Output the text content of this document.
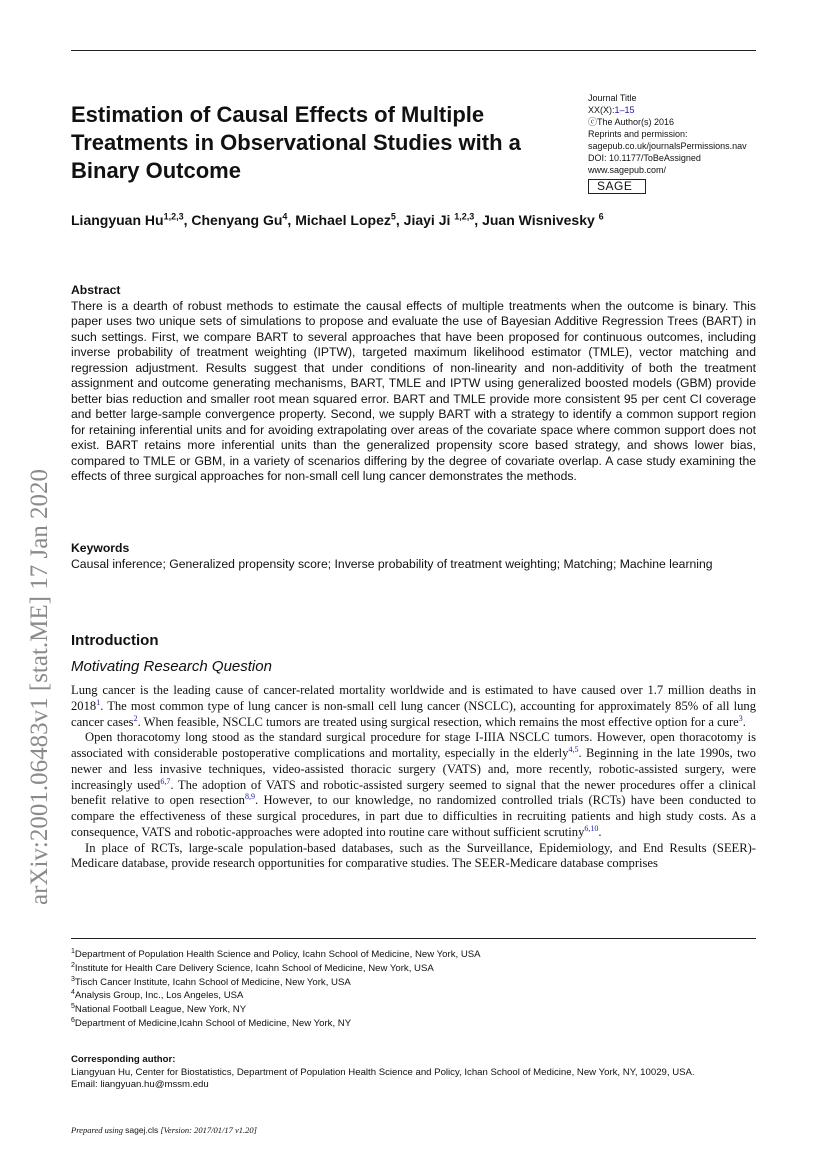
Estimation of Causal Effects of Multiple Treatments in Observational Studies with a Binary Outcome
Journal Title
XX(X):1–15
ⓒThe Author(s) 2016
Reprints and permission:
sagepub.co.uk/journalsPermissions.nav
DOI: 10.1177/ToBeAssigned
www.sagepub.com/
SAGE
Liangyuan Hu$^{1,2,3}$, Chenyang Gu$^4$, Michael Lopez$^5$, Jiayi Ji $^{1,2,3}$, Juan Wisnivesky $^6$
Abstract

There is a dearth of robust methods to estimate the causal effects of multiple treatments when the outcome is binary. This paper uses two unique sets of simulations to propose and evaluate the use of Bayesian Additive Regression Trees (BART) in such settings. First, we compare BART to several approaches that have been proposed for continuous outcomes, including inverse probability of treatment weighting (IPTW), targeted maximum likelihood estimator (TMLE), vector matching and regression adjustment. Results suggest that under conditions of non-linearity and non-additivity of both the treatment assignment and outcome generating mechanisms, BART, TMLE and IPTW using generalized boosted models (GBM) provide better bias reduction and smaller root mean squared error. BART and TMLE provide more consistent 95 per cent CI coverage and better large-sample convergence property. Second, we supply BART with a strategy to identify a common support region for retaining inferential units and for avoiding extrapolating over areas of the covariate space where common support does not exist. BART retains more inferential units than the generalized propensity score based strategy, and shows lower bias, compared to TMLE or GBM, in a variety of scenarios differing by the degree of covariate overlap. A case study examining the effects of three surgical approaches for non-small cell lung cancer demonstrates the methods.

Keywords

Causal inference; Generalized propensity score; Inverse probability of treatment weighting; Matching; Machine learning

Introduction
Motivating Research Question

Lung cancer is the leading cause of cancer-related mortality worldwide and is estimated to have caused over 1.7 million deaths in 2018$^1$. The most common type of lung cancer is non-small cell lung cancer (NSCLC), accounting for approximately 85% of all lung cancer cases$^2$. When feasible, NSCLC tumors are treated using surgical resection, which remains the most effective option for a cure$^3$.

Open thoracotomy long stood as the standard surgical procedure for stage I-IIIA NSCLC tumors. However, open thoracotomy is associated with considerable postoperative complications and mortality, especially in the elderly$^{4,5}$. Beginning in the late 1990s, two newer and less invasive techniques, video-assisted thoracic surgery (VATS) and, more recently, robotic-assisted surgery, were increasingly used$^{6,7}$. The adoption of VATS and robotic-assisted surgery seemed to signal that the newer procedures offer a clinical benefit relative to open resection$^{8,9}$. However, to our knowledge, no randomized controlled trials (RCTs) have been conducted to compare the effectiveness of these surgical procedures, in part due to difficulties in recruiting patients and high study costs. As a consequence, VATS and robotic-approaches were adopted into routine care without sufficient scrutiny$^{6,10}$.

In place of RCTs, large-scale population-based databases, such as the Surveillance, Epidemiology, and End Results (SEER)-Medicare database, provide research opportunities for comparative studies. The SEER-Medicare database comprises

$^1$Department of Population Health Science and Policy, Icahn School of Medicine, New York, USA
$^2$Institute for Health Care Delivery Science, Icahn School of Medicine, New York, USA
$^3$Tisch Cancer Institute, Icahn School of Medicine, New York, USA
$^4$Analysis Group, Inc., Los Angeles, USA
$^5$National Football League, New York, NY
$^6$Department of Medicine,Icahn School of Medicine, New York, NY
Corresponding author:
Liangyuan Hu, Center for Biostatistics, Department of Population Health Science and Policy, Ichan School of Medicine, New York, NY, 10029, USA.
Email: liangyuan.hu@mssm.edu
Prepared using sagej.cls [Version: 2017/01/17 v1.20]
arXiv:2001.06483v1 [stat.ME] 17 Jan 2020
